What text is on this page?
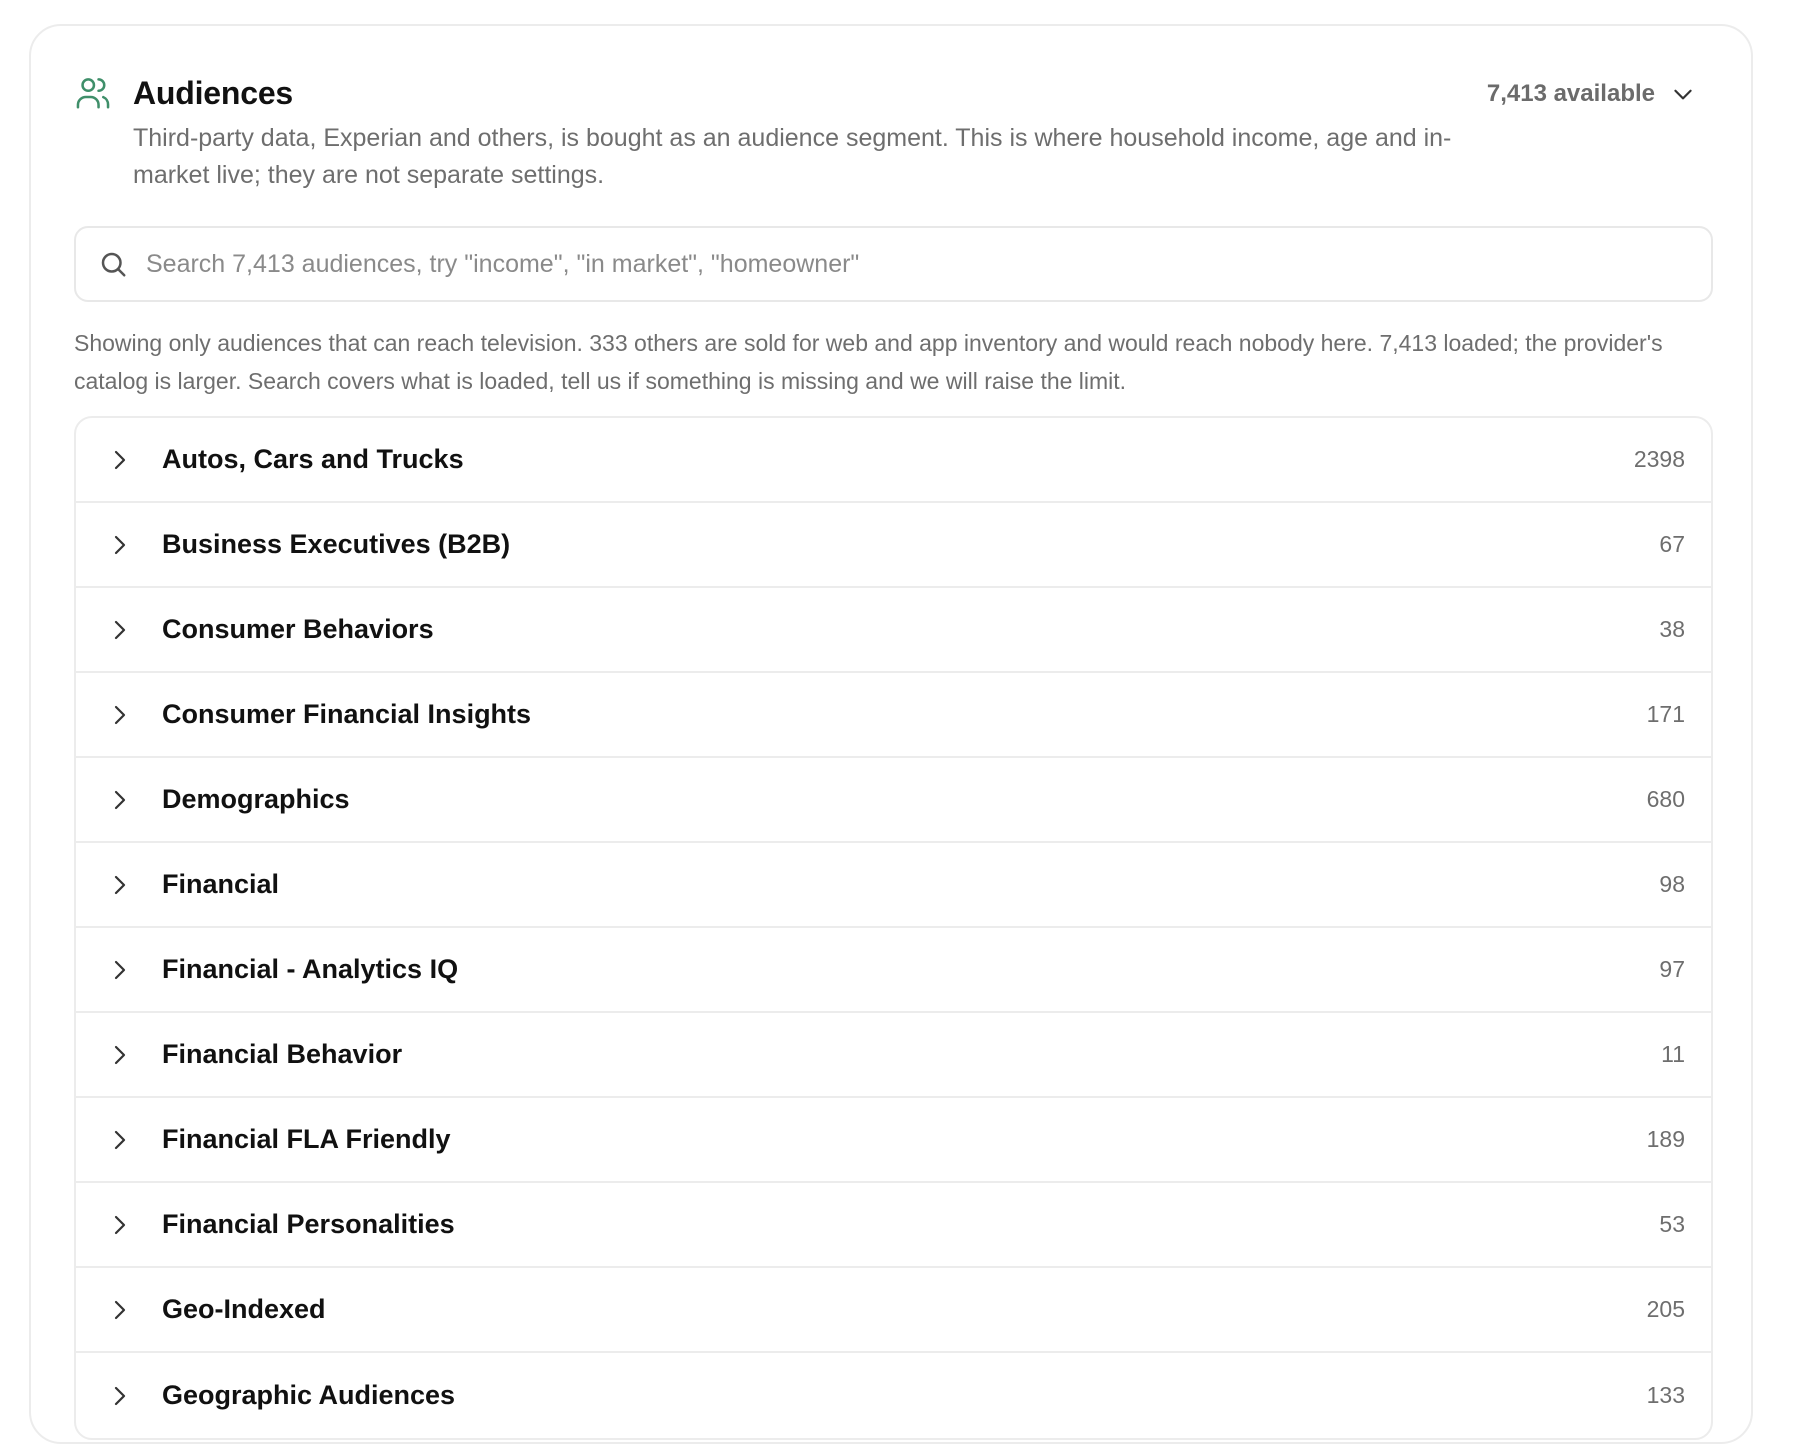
Audiences	7,413 available
Third-party data, Experian and others, is bought as an audience segment. This is where household income, age and in-market live; they are not separate settings.
Search 7,413 audiences, try "income", "in market", "homeowner"
Showing only audiences that can reach television. 333 others are sold for web and app inventory and would reach nobody here. 7,413 loaded; the provider's catalog is larger. Search covers what is loaded, tell us if something is missing and we will raise the limit.
Autos, Cars and Trucks	2398
Business Executives (B2B)	67
Consumer Behaviors	38
Consumer Financial Insights	171
Demographics	680
Financial	98
Financial - Analytics IQ	97
Financial Behavior	11
Financial FLA Friendly	189
Financial Personalities	53
Geo-Indexed	205
Geographic Audiences	133
